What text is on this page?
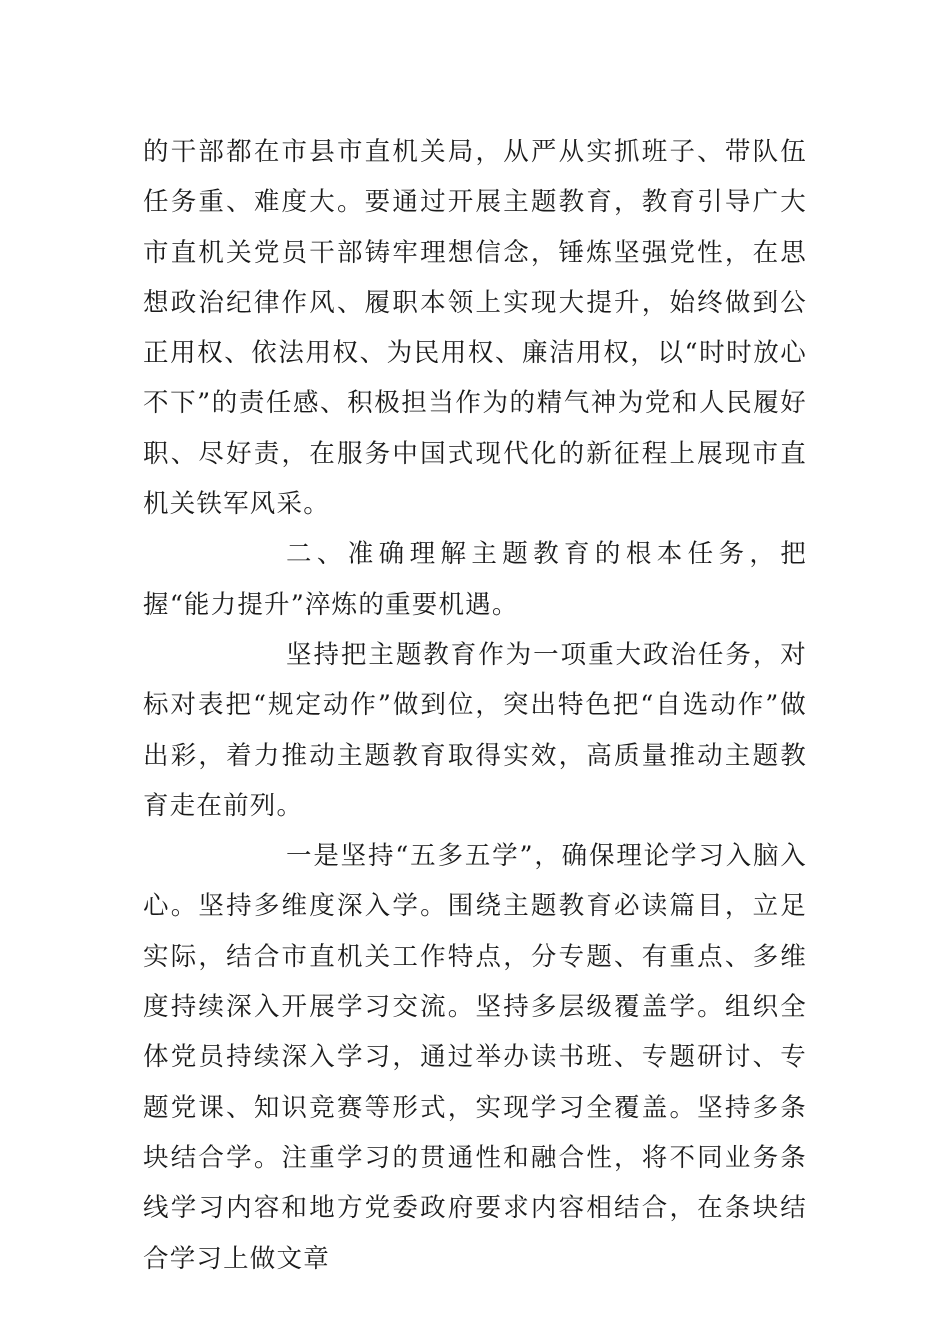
的干部都在市县市直机关局，从严从实抓班子、带队伍任务重、难度大。要通过开展主题教育，教育引导广大市直机关党员干部铸牢理想信念，锤炼坚强党性，在思想政治纪律作风、履职本领上实现大提升，始终做到公正用权、依法用权、为民用权、廉洁用权，以“时时放心不下”的责任感、积极担当作为的精气神为党和人民履好职、尽好责，在服务中国式现代化的新征程上展现市直机关铁军风采。

二、准确理解主题教育的根本任务，把握“能力提升”淬炼的重要机遇。

坚持把主题教育作为一项重大政治任务，对标对表把“规定动作”做到位，突出特色把“自选动作”做出彩，着力推动主题教育取得实效，高质量推动主题教育走在前列。

一是坚持“五多五学”，确保理论学习入脑入心。坚持多维度深入学。围绕主题教育必读篇目，立足实际，结合市直机关工作特点，分专题、有重点、多维度持续深入开展学习交流。坚持多层级覆盖学。组织全体党员持续深入学习，通过举办读书班、专题研讨、专题党课、知识竞赛等形式，实现学习全覆盖。坚持多条块结合学。注重学习的贯通性和融合性，将不同业务条线学习内容和地方党委政府要求内容相结合，在条块结合学习上做文章
